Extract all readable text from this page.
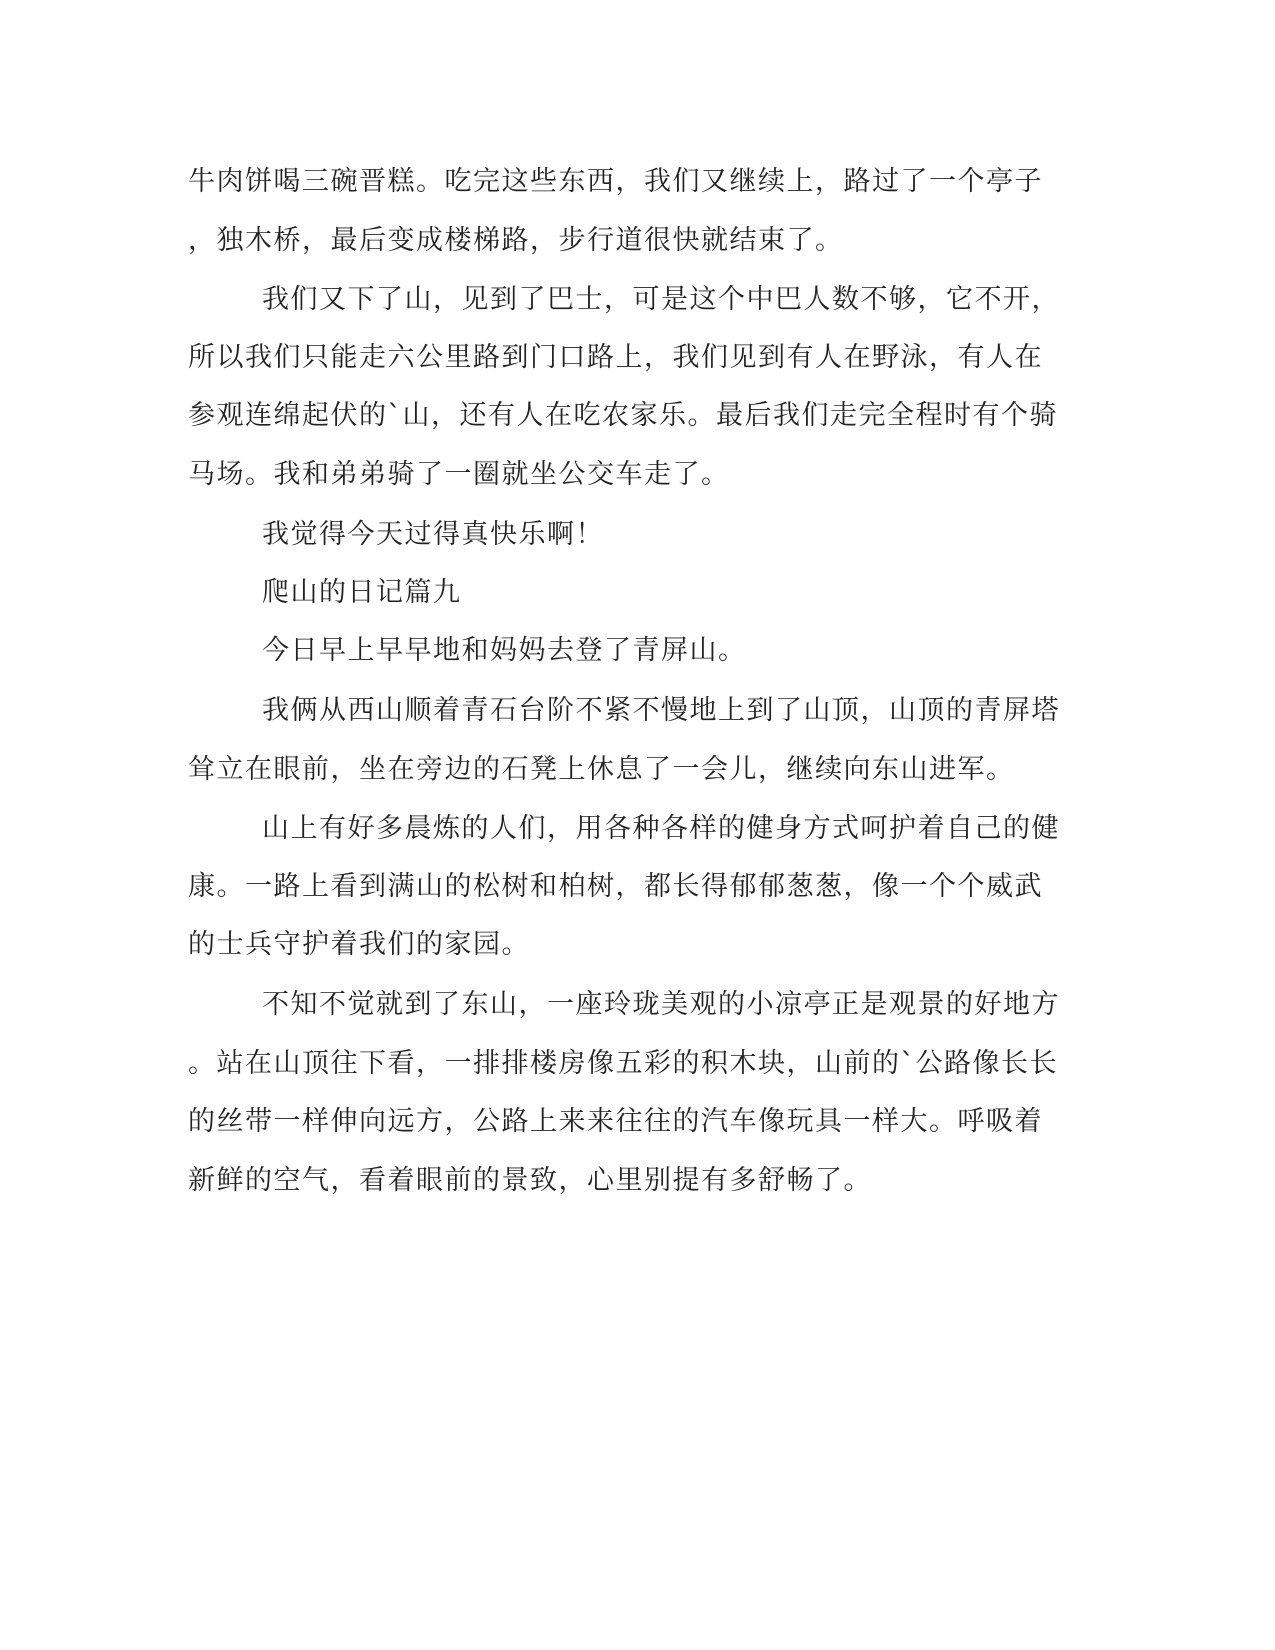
牛肉饼喝三碗晋糕。吃完这些东西，我们又继续上，路过了一个亭子

，独木桥，最后变成楼梯路，步行道很快就结束了。

我们又下了山，见到了巴士，可是这个中巴人数不够，它不开，

所以我们只能走六公里路到门口路上，我们见到有人在野泳，有人在

参观连绵起伏的`山，还有人在吃农家乐。最后我们走完全程时有个骑

马场。我和弟弟骑了一圈就坐公交车走了。

我觉得今天过得真快乐啊！

爬山的日记篇九

今日早上早早地和妈妈去登了青屏山。

我俩从西山顺着青石台阶不紧不慢地上到了山顶，山顶的青屏塔

耸立在眼前，坐在旁边的石凳上休息了一会儿，继续向东山进军。

山上有好多晨炼的人们，用各种各样的健身方式呵护着自己的健

康。一路上看到满山的松树和柏树，都长得郁郁葱葱，像一个个威武

的士兵守护着我们的家园。

不知不觉就到了东山，一座玲珑美观的小凉亭正是观景的好地方

。站在山顶往下看，一排排楼房像五彩的积木块，山前的`公路像长长

的丝带一样伸向远方，公路上来来往往的汽车像玩具一样大。呼吸着

新鲜的空气，看着眼前的景致，心里别提有多舒畅了。
